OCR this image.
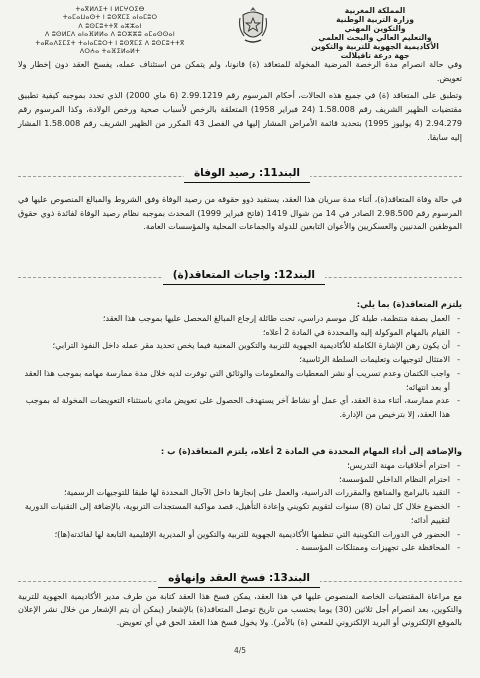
ⵜⴰⴳⵍⴷⵉⵜ ⵏ ⵍⵎⵖⵔⵉⴱ
ⵜⴰⵎⴰⵡⴰⵙⵜ ⵏ ⵓⵙⴳⵎⵉ ⴰⵏⴰⵎⵓⵔ
ⴷ ⵓⵙⵎⵓⵜⵜⴳ ⴰⵣⵣⴰⵏ
ⴷ ⵓⵙⵍⵎⴷ ⴰⵏⴰⴼⵍⵍⴰ ⴷ ⵓⵔⵣⵣⵓ ⴰⵎⴰⵙⵙⴰⵏ
ⵜⴰⴽⴰⴷⵉⵎⵉⵜ ⵜⴰⵏⴰⵎⵓⵔⵜ ⵏ ⵓⵙⴳⵎⵉ ⴷ ⵓⵙⵎⵓⵜⵜⴳ
ⴷⵔⵄⴰ ⵜⴰⴼⵉⵍⴰⵍⵜ
المملكة المغربية
وزارة التربية الوطنية
والتكوين المهني
والتعليم العالي والبحث العلمي
الأكاديمية الجهوية للتربية والتكوين
جهة درعة تافيلالت

وفي حالة انصرام مدة الرخصة المرضية المخولة للمتعاقد (ة) قانونا، ولم يتمكن من استئناف عمله، يفسخ العقد دون إخطار ولا تعويض.

وتطبق على المتعاقد (ة) في جميع هذه الحالات، أحكام المرسوم رقم 2.99.1219 (6 ماي 2000) الذي تحدد بموجبه كيفية تطبيق مقتضيات الظهير الشريف رقم 1.58.008 (24 فبراير 1958) المتعلقة بالرخص لأسباب صحية ورخص الولادة، وكذا المرسوم رقم 2.94.279 (4 يوليوز 1995) بتحديد قائمة الأمراض المشار إليها في الفصل 43 المكرر من الظهير الشريف رقم 1.58.008 المشار إليه سابقا.

البند11: رصيد الوفاة

في حالة وفاة المتعاقد(ة)، أثناء مدة سريان هذا العقد، يستفيد ذوو حقوقه من رصيد الوفاة وفق الشروط والمبالغ المنصوص عليها في المرسوم رقم 2.98.500 الصادر في 14 من شوال 1419 (فاتح فبراير 1999) المحدث بموجبه نظام رصيد الوفاة لفائدة ذوي حقوق الموظفين المدنيين والعسكريين والأعوان التابعين للدولة والجماعات المحلية والمؤسسات العامة.

البند12: واجبات المتعاقد(ة)
يلتزم المتعاقد(ة) بما يلي:
- العمل بصفة منتظمة، طيلة كل موسم دراسي، تحت طائلة إرجاع المبالغ المحصل عليها بموجب هذا العقد؛
- القيام بالمهام الموكولة إليه والمحددة في المادة 2 أعلاه؛
- أن يكون رهن الإشارة الكاملة للأكاديمية الجهوية للتربية والتكوين المعنية فيما يخص تحديد مقر عمله داخل النفوذ الترابي؛
- الامتثال لتوجيهات وتعليمات السلطة الرئاسية؛
- واجب الكتمان وعدم تسريب أو نشر المعطيات والمعلومات والوثائق التي توفرت لديه خلال مدة ممارسة مهامه بموجب هذا العقد أو بعد انتهائه؛
- عدم ممارسة، أثناء مدة العقد، أي عمل أو نشاط آخر يستهدف الحصول على تعويض مادي باستثناء التعويضات المخولة له بموجب هذا العقد، إلا بترخيص من الإدارة.
والإضافة إلى أداء المهام المحددة في المادة 2 أعلاه، يلتزم المتعاقد(ة) ب :
- احترام أخلاقيات مهنة التدريس؛
- احترام النظام الداخلي للمؤسسة؛
- التقيد بالبرامج والمناهج والمقررات الدراسية، والعمل على إنجازها داخل الآجال المحددة لها طبقا للتوجيهات الرسمية؛
- الخضوع خلال كل ثمان (8) سنوات لتقويم تكويني وإعادة التأهيل، قصد مواكبة المستجدات التربوية، بالإضافة إلى التقنيات الدورية لتقييم أدائه؛
- الحضور في الدورات التكوينية التي تنظمها الأكاديمية الجهوية للتربية والتكوين أو المديرية الإقليمية التابعة لها لفائدته(ها)؛
- المحافظة على تجهيزات وممتلكات المؤسسة .
البند13: فسخ العقد وإنهاؤه

مع مراعاة المقتضيات الخاصة المنصوص عليها في هذا العقد، يمكن فسخ هذا العقد كتابة من طرف مدير الأكاديمية الجهوية للتربية والتكوين، بعد انصرام أجل ثلاثين (30) يوما يحتسب من تاريخ توصل المتعاقد(ة) بالإشعار (يمكن أن يتم الإشعار من خلال نشر الإعلان بالموقع الإلكتروني أو البريد الإلكتروني للمعني (ة) بالأمر). ولا يخول فسخ هذا العقد الحق في أي تعويض.

4/5
